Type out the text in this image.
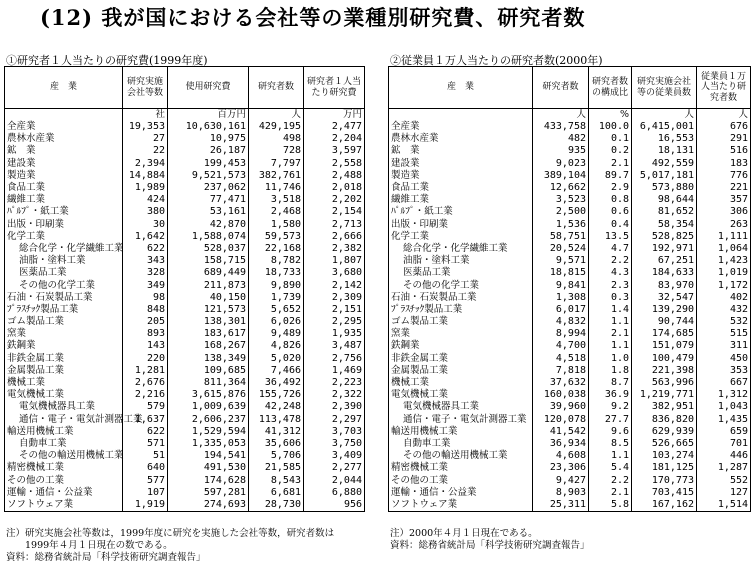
(12) 我が国における会社等の業種別研究費、研究者数
①研究者１人当たりの研究費(1999年度)	②従業員１万人当たりの研究者数(2000年)
産　業	研究実施会社等数	使用研究費	研究者数	研究者１人当たり研究費
	社	百万円	人	万円
全産業	19,353	10,630,161	429,195	2,477
農林水産業	27	10,975	498	2,204
鉱　業	22	26,187	728	3,597
建設業	2,394	199,453	7,797	2,558
製造業	14,884	9,521,573	382,761	2,488
食品工業	1,989	237,062	11,746	2,018
繊維工業	424	77,471	3,518	2,202
ﾊﾟﾙﾌﾟ・紙工業	380	53,161	2,468	2,154
出版・印刷業	30	42,870	1,580	2,713
化学工業	1,642	1,588,074	59,573	2,666
総合化学・化学繊維工業	622	528,037	22,168	2,382
油脂・塗料工業	343	158,715	8,782	1,807
医薬品工業	328	689,449	18,733	3,680
その他の化学工業	349	211,873	9,890	2,142
石油・石炭製品工業	98	40,150	1,739	2,309
ﾌﾟﾗｽﾁｯｸ製品工業	848	121,573	5,652	2,151
ゴム製品工業	205	138,301	6,026	2,295
窯業	893	183,617	9,489	1,935
鉄鋼業	143	168,267	4,826	3,487
非鉄金属工業	220	138,349	5,020	2,756
金属製品工業	1,281	109,685	7,466	1,469
機械工業	2,676	811,364	36,492	2,223
電気機械工業	2,216	3,615,876	155,726	2,322
電気機械器具工業	579	1,009,639	42,248	2,390
通信・電子・電気計測器工業	1,637	2,606,237	113,478	2,297
輸送用機械工業	622	1,529,594	41,312	3,703
自動車工業	571	1,335,053	35,606	3,750
その他の輸送用機械工業	51	194,541	5,706	3,409
精密機械工業	640	491,530	21,585	2,277
その他の工業	577	174,628	8,543	2,044
運輸・通信・公益業	107	597,281	6,681	6,880
ソフトウェア業	1,919	274,693	28,730	956
産　業	研究者数	研究者数の構成比	研究実施会社等の従業員数	従業員１万人当たり研究者数
	人	%	人	人
全産業	433,758	100.0	6,415,001	676
農林水産業	482	0.1	16,553	291
鉱　業	935	0.2	18,131	516
建設業	9,023	2.1	492,559	183
製造業	389,104	89.7	5,017,181	776
食品工業	12,662	2.9	573,880	221
繊維工業	3,523	0.8	98,644	357
ﾊﾟﾙﾌﾟ・紙工業	2,500	0.6	81,652	306
出版・印刷業	1,536	0.4	58,354	263
化学工業	58,751	13.5	528,825	1,111
総合化学・化学繊維工業	20,524	4.7	192,971	1,064
油脂・塗料工業	9,571	2.2	67,251	1,423
医薬品工業	18,815	4.3	184,633	1,019
その他の化学工業	9,841	2.3	83,970	1,172
石油・石炭製品工業	1,308	0.3	32,547	402
ﾌﾟﾗｽﾁｯｸ製品工業	6,017	1.4	139,290	432
ゴム製品工業	4,832	1.1	90,744	532
窯業	8,994	2.1	174,685	515
鉄鋼業	4,700	1.1	151,079	311
非鉄金属工業	4,518	1.0	100,479	450
金属製品工業	7,818	1.8	221,398	353
機械工業	37,632	8.7	563,996	667
電気機械工業	160,038	36.9	1,219,771	1,312
電気機械器具工業	39,960	9.2	382,951	1,043
通信・電子・電気計測器工業	120,078	27.7	836,820	1,435
輸送用機械工業	41,542	9.6	629,939	659
自動車工業	36,934	8.5	526,665	701
その他の輸送用機械工業	4,608	1.1	103,274	446
精密機械工業	23,306	5.4	181,125	1,287
その他の工業	9,427	2.2	170,773	552
運輸・通信・公益業	8,903	2.1	703,415	127
ソフトウェア業	25,311	5.8	167,162	1,514
注）研究実施会社等数は，1999年度に研究を実施した会社等数，研究者数は
　　1999年４月１日現在の数である。
資料：総務省統計局「科学技術研究調査報告」
注）2000年４月１日現在である。
資料：総務省統計局「科学技術研究調査報告」
